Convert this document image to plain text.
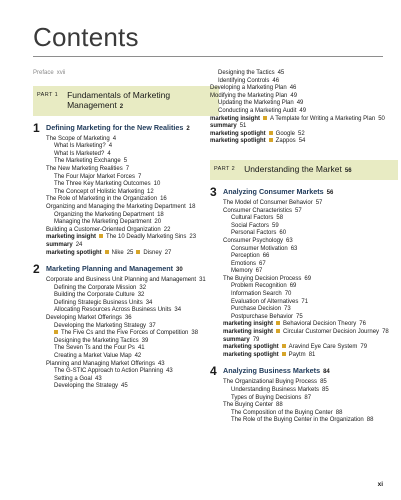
Contents

Preface xvii

PART 1 Fundamentals of Marketing Management 2
1 Defining Marketing for the New Realities 2

The Scope of Marketing 4

What Is Marketing? 4

What Is Marketed? 4

The Marketing Exchange 5

The New Marketing Realities 7

The Four Major Market Forces 7

The Three Key Marketing Outcomes 10

The Concept of Holistic Marketing 12

The Role of Marketing in the Organization 16

Organizing and Managing the Marketing Department 18

Organizing the Marketing Department 18

Managing the Marketing Department 20

Building a Customer-Oriented Organization 22

marketing insight The 10 Deadly Marketing Sins 23

summary 24

marketing spotlight Nike 25 Disney 27

2 Marketing Planning and Management 30

Corporate and Business Unit Planning and Management 31

Defining the Corporate Mission 32

Building the Corporate Culture 32

Defining Strategic Business Units 34

Allocating Resources Across Business Units 34

Developing Market Offerings 36

Developing the Marketing Strategy 37

The Five Cs and the Five Forces of Competition 38

Designing the Marketing Tactics 39

The Seven Ts and the Four Ps 41

Creating a Market Value Map 42

Planning and Managing Market Offerings 43

The G-STIC Approach to Action Planning 43

Setting a Goal 43

Developing the Strategy 45

Designing the Tactics 45

Identifying Controls 46

Developing a Marketing Plan 46

Modifying the Marketing Plan 49

Updating the Marketing Plan 49

Conducting a Marketing Audit 49

marketing insight A Template for Writing a Marketing Plan 50

summary 51

marketing spotlight Google 52

marketing spotlight Zappos 54

PART 2 Understanding the Market 56
3 Analyzing Consumer Markets 56

The Model of Consumer Behavior 57

Consumer Characteristics 57

Cultural Factors 58

Social Factors 59

Personal Factors 60

Consumer Psychology 63

Consumer Motivation 63

Perception 66

Emotions 67

Memory 67

The Buying Decision Process 69

Problem Recognition 69

Information Search 70

Evaluation of Alternatives 71

Purchase Decision 73

Postpurchase Behavior 75

marketing insight Behavioral Decision Theory 76

marketing insight Circular Customer Decision Journey 78

summary 79

marketing spotlight Aravind Eye Care System 79

marketing spotlight Paytm 81

4 Analyzing Business Markets 84

The Organizational Buying Process 85

Understanding Business Markets 85

Types of Buying Decisions 87

The Buying Center 88

The Composition of the Buying Center 88

The Role of the Buying Center in the Organization 88

xi
